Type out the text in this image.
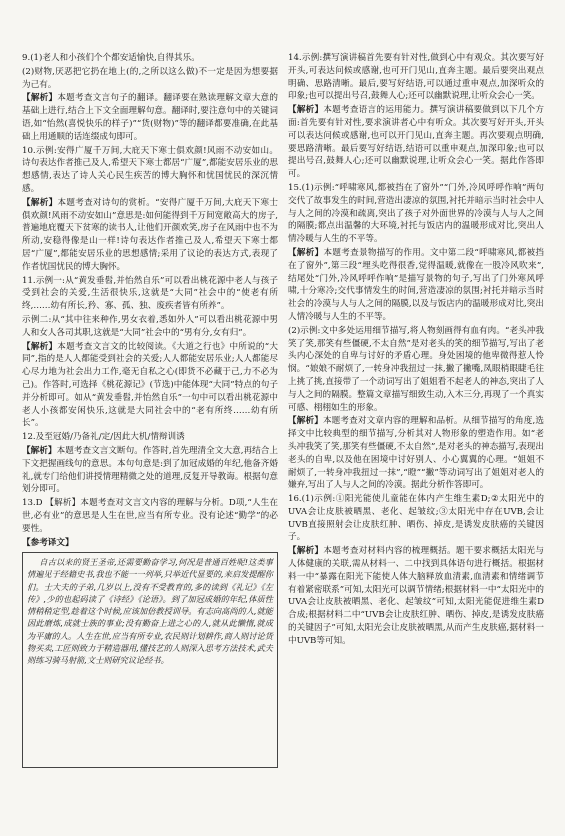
9.(1)老人和小孩们个个都安适愉快,自得其乐。

(2)财物,厌恶把它扔在地上(的,之所以这么做)不一定是因为想要据为己有。

【解析】本题考查文言句子的翻译。翻译要在熟读理解文章大意的基础上进行,结合上下文全面理解句意。翻译时,要注意句中的关键词语,如“怡然(喜悦快乐的样子)”“货(财物)”等的翻译都要准确,在此基础上用通顺的话连缀成句即可。

10.示例:安得广厦千万间,大庇天下寒士俱欢颜!风雨不动安如山。 诗句表达作者推己及人,希望天下寒士都居“广厦”,都能安居乐业的思想感情,表达了诗人关心民生疾苦的博大胸怀和忧国忧民的深沉情感。

【解析】本题考查对诗句的赏析。“安得广厦千万间,大庇天下寒士俱欢颜!风雨不动安如山”意思是:如何能得到千万间宽敞高大的房子,普遍地庇覆天下贫寒的读书人,让他们开颜欢笑,房子在风雨中也不为所动,安稳得像是山一样!诗句表达作者推己及人,希望天下寒士都居“广厦”,都能安居乐业的思想感情;采用了议论的表达方式,表现了作者忧国忧民的博大胸怀。

11.示例一:从“黄发垂髫,并怡然自乐”可以看出桃花源中老人与孩子受到社会的关爱,生活很快乐,这就是“大同”社会中的“使老有所终,……幼有所长,矜、寡、孤、独、废疾者皆有所养”。

示例二:从“其中往来种作,男女衣着,悉如外人”可以看出桃花源中男人和女人各司其职,这就是“大同”社会中的“男有分,女有归”。

【解析】本题考查文言文的比较阅读。《大道之行也》中所说的“大同”,指的是人人都能受到社会的关爱;人人都能安居乐业;人人都能尽心尽力地为社会出力工作,毫无自私之心(即货不必藏于己,力不必为己)。作答时,可选择《桃花源记》(节选)中能体现“大同”特点的句子并分析即可。如从“黄发垂髫,并怡然自乐”一句中可以看出桃花源中老人小孩都安闲快乐,这就是大同社会中的“老有所终……幼有所长”。

12.及至冠婚/乃备礼/定/因此大机/情辩训诱

【解析】本题考查文言文断句。作答时,首先理清全文大意,再结合上下文把握画线句的意思。本句句意是:到了加冠成婚的年纪,他备齐婚礼,就专门给他们讲授情理精微之处的道理,反复开导教诲。根据句意划分即可。

13.D 【解析】本题考查对文言文内容的理解与分析。D项,“人生在世,必有业”的意思是人生在世,应当有所专业。没有论述“勤学”的必要性。

【参考译文】

自古以来的贤王圣帝,还需要勤奋学习,何况是普通百姓呢!这类事情遍见于经籍史书,我也不能一一列举,只举近代显要的,来启发提醒你们。士大夫的子弟,几岁以上,没有不受教育的,多的读到《礼记》《左传》,少的也起码读了《诗经》《论语》。到了加冠成婚的年纪,体质性情稍稍定型,趁着这个时候,应该加倍教授训导。有志向高尚的人,就能因此磨炼,成就士族的事业;没有勤奋上进之心的人,就从此懒惰,就成为平庸的人。人生在世,应当有所专业,农民则计划耕作,商人则讨论货物买卖,工匠则致力于精造器用,懂技艺的人则深入思考方法技术,武夫则练习骑马射箭,文士则研究议论经书。

14.示例:撰写演讲稿首先要有针对性,做到心中有观众。其次要写好开头,可表达问候或感谢,也可开门见山,直奔主题。最后要突出观点明确、思路清晰。最后,要写好结语,可以通过重申观点,加深听众的印象;也可以提出号召,鼓舞人心;还可以幽默说理,让听众会心一笑。

【解析】本题考查语言的运用能力。撰写演讲稿要做到以下几个方面:首先要有针对性,要求演讲者心中有听众。其次要写好开头,开头可以表达问候或感谢,也可以开门见山,直奔主题。再次要观点明确,要思路清晰。最后要写好结语,结语可以重申观点,加深印象;也可以提出号召,鼓舞人心;还可以幽默说理,让听众会心一笑。据此作答即可。

15.(1)示例:“呼啸寒风,都被挡在了窗外”“门外,冷风呼呼作响”两句交代了故事发生的时间,营造出凄凉的氛围,衬托并暗示当时社会中人与人之间的冷漠和疏离,突出了孩子对外面世界的冷漠与人与人之间的隔膜;都点出温馨的大环境,衬托与饭店内的温暖形成对比,突出人情冷暖与人生的不平等。

【解析】本题考查景物描写的作用。文中第二段“呼啸寒风,都被挡在了窗外”,第三段“埋头吃得很香,觉得温暖,就像在一股冷风吹来”,结尾处“门外,冷风呼呼作响”是描写景物的句子,写出了门外寒风呼啸,十分寒冷;交代事情发生的时间,营造凄凉的氛围;衬托并暗示当时社会的冷漠与人与人之间的隔膜,以及与饭店内的温暖形成对比,突出人情冷暖与人生的不平等。

(2)示例:文中多处运用细节描写,将人物刻画得有血有肉。“老头冲我笑了笑,那笑有些僵硬,不太自然”是对老头的笑的细节描写,写出了老头内心深处的自卑与讨好的矛盾心理。身处困境的他卑微得惹人怜悯。“娘娘不耐烦了,一转身冲我扭过一抹,撇了撇嘴,凤眼梢眼睫毛往上挑了挑,直接带了一个动词写出了姐姐看不起老人的神态,突出了人与人之间的隔膜。整篇文章描写细致生动,入木三分,再现了一个真实可感、栩栩如生的形象。

【解析】本题考查对文章内容的理解和品析。从细节描写的角度,选择文中比较典型的细节描写,分析其对人物形象的塑造作用。如“老头冲我笑了笑,那笑有些僵硬,不太自然”,是对老头的神态描写,表现出老头的自卑,以及他在困境中讨好别人、小心翼翼的心理。“姐姐不耐烦了,一转身冲我扭过一抹”,“瞪”“撇”等动词写出了姐姐对老人的嫌弃,写出了人与人之间的冷漠。据此分析作答即可。

16.(1)示例:①阳光能使儿童能在体内产生维生素D;②太阳光中的UVA会让皮肤被晒黑、老化、起皱纹;③太阳光中存在UVB,会让UVB直接照射会让皮肤红肿、晒伤、掉皮,是诱发皮肤癌的关键因子。

【解析】本题考查对材料内容的梳理概括。题干要求概括太阳光与人体健康的关联,需从材料一、二中找到具体语句进行概括。根据材料一中“暴露在阳光下能使人体大脑释放血清素,血清素和情绪调节有着紧密联系”可知,太阳光可以调节情绪;根据材料一中“太阳光中的UVA会让皮肤被晒黑、老化、起皱纹”可知,太阳光能促进维生素D合成;根据材料二中“UVB会让皮肤红肿、晒伤、掉皮,是诱发皮肤癌的关键因子”可知,太阳光会让皮肤被晒黑,从而产生皮肤癌,据材料一中UVB等可知。
